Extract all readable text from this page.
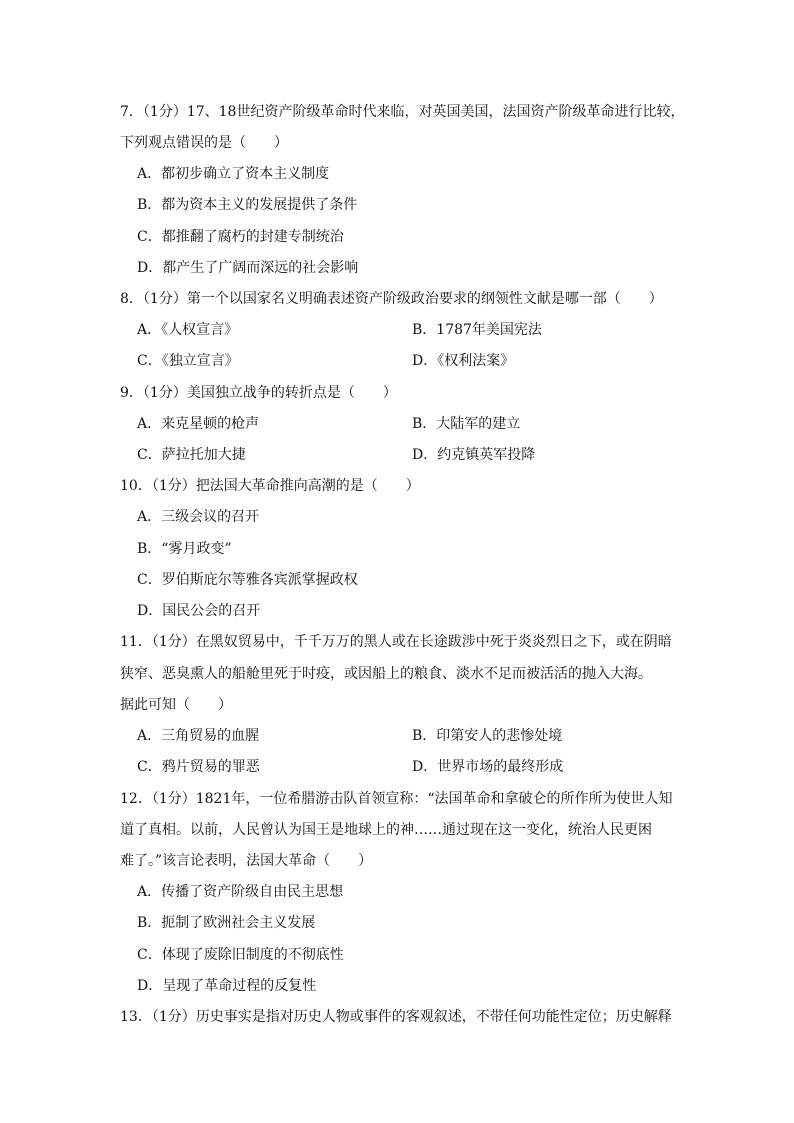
7．（1分）17、18世纪资产阶级革命时代来临，对英国美国，法国资产阶级革命进行比较，
下列观点错误的是（　　）
A．都初步确立了资本主义制度
B．都为资本主义的发展提供了条件
C．都推翻了腐朽的封建专制统治
D．都产生了广阔而深远的社会影响
8．（1分）第一个以国家名义明确表述资产阶级政治要求的纲领性文献是哪一部（　　）
A．《人权宣言》	B．1787年美国宪法
C．《独立宣言》	D．《权利法案》
9．（1分）美国独立战争的转折点是（　　）
A．来克星顿的枪声	B．大陆军的建立
C．萨拉托加大捷	D．约克镇英军投降
10．（1分）把法国大革命推向高潮的是（　　）
A．三级会议的召开
B．“雾月政变”
C．罗伯斯庇尔等雅各宾派掌握政权
D．国民公会的召开
11．（1分）在黑奴贸易中，千千万万的黑人或在长途跋涉中死于炎炎烈日之下，或在阴暗
狭窄、恶臭熏人的船舱里死于时疫，或因船上的粮食、淡水不足而被活活的抛入大海。
据此可知（　　）
A．三角贸易的血腥	B．印第安人的悲惨处境
C．鸦片贸易的罪恶	D．世界市场的最终形成
12．（1分）1821年，一位希腊游击队首领宣称：“法国革命和拿破仑的所作所为使世人知
道了真相。以前，人民曾认为国王是地球上的神……通过现在这一变化，统治人民更困
难了。”该言论表明，法国大革命（　　）
A．传播了资产阶级自由民主思想
B．扼制了欧洲社会主义发展
C．体现了废除旧制度的不彻底性
D．呈现了革命过程的反复性
13．（1分）历史事实是指对历史人物或事件的客观叙述，不带任何功能性定位；历史解释
